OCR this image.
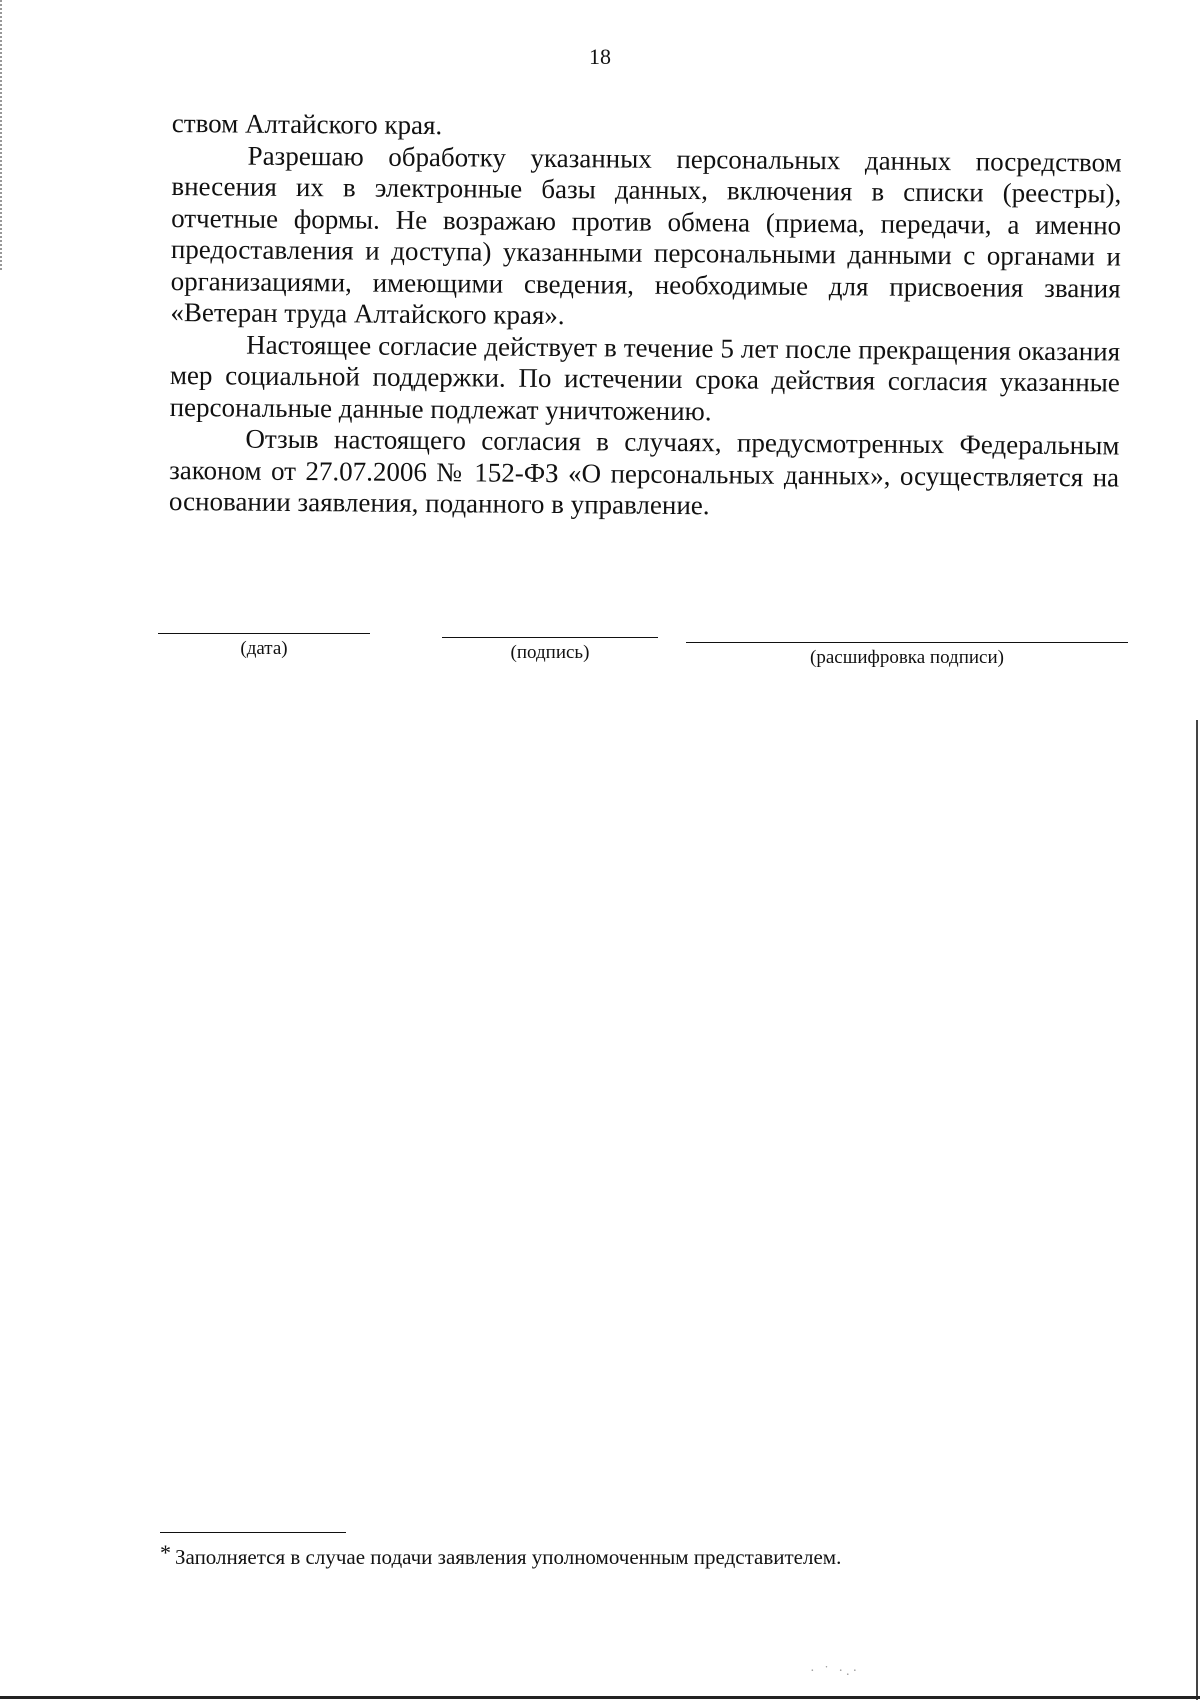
18

ством Алтайского края.

Разрешаю обработку указанных персональных данных посредством внесения их в электронные базы данных, включения в списки (реестры), отчетные формы. Не возражаю против обмена (приема, передачи, а именно предоставления и доступа) указанными персональными данными с органами и организациями, имеющими сведения, необходимые для присвоения звания «Ветеран труда Алтайского края».

Настоящее согласие действует в течение 5 лет после прекращения оказания мер социальной поддержки. По истечении срока действия согласия указанные персональные данные подлежат уничтожению.

Отзыв настоящего согласия в случаях, предусмотренных Федеральным законом от 27.07.2006 № 152-ФЗ «О персональных данных», осуществляется на основании заявления, поданного в управление.

(дата)	(подпись)	(расшифровка подписи)
* Заполняется в случае подачи заявления уполномоченным представителем.
· ˙ ·.·
